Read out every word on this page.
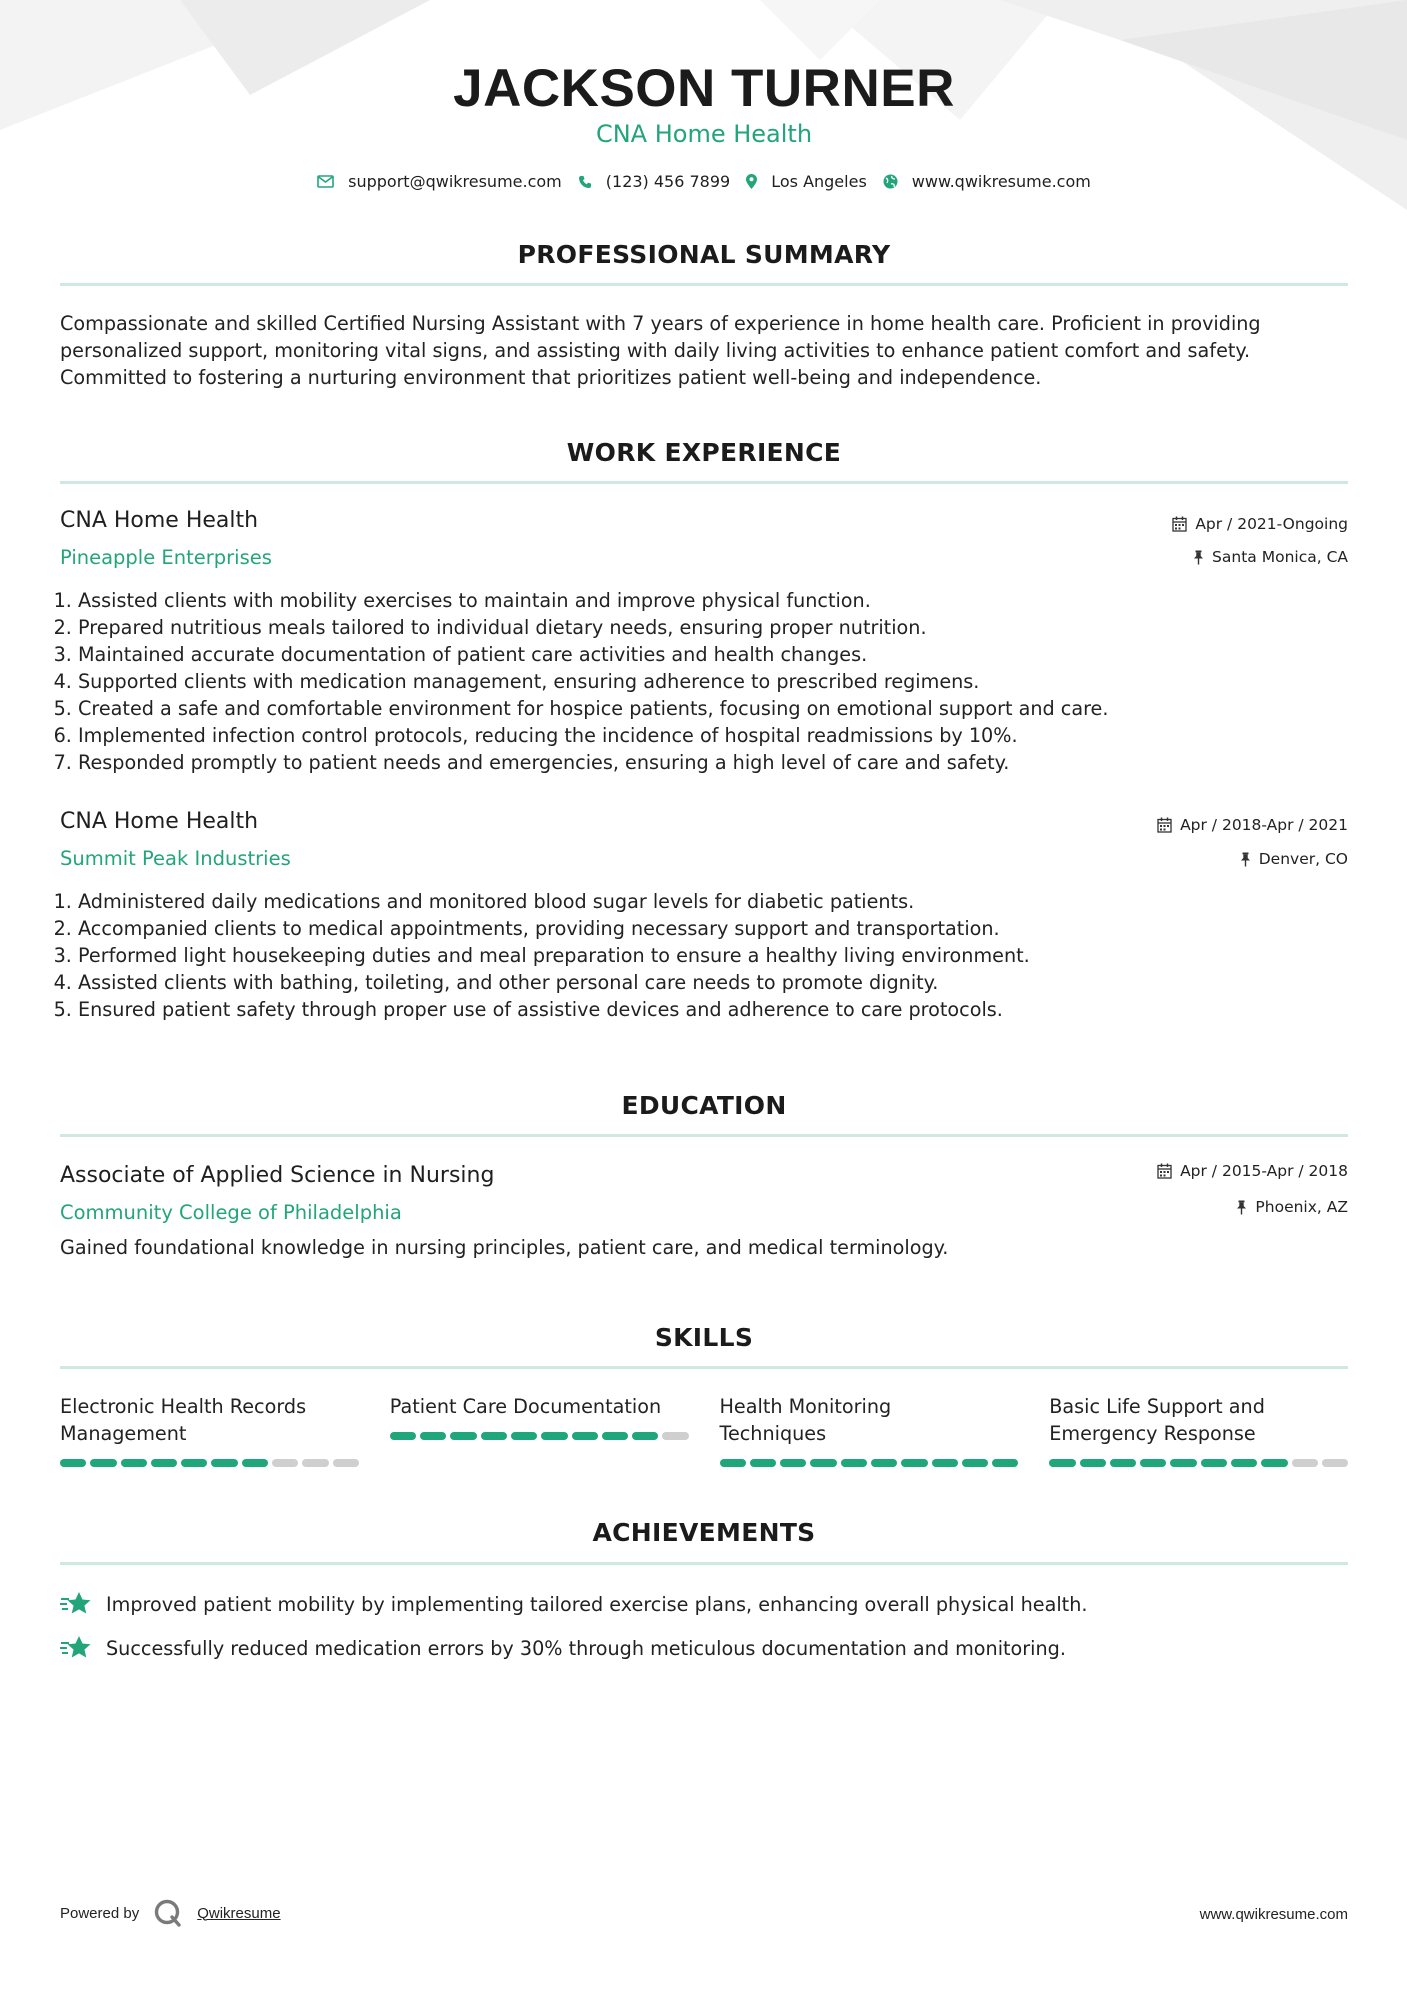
JACKSON TURNER
CNA Home Health
support@qwikresume.com	(123) 456 7899	Los Angeles	www.qwikresume.com
PROFESSIONAL SUMMARY
Compassionate and skilled Certified Nursing Assistant with 7 years of experience in home health care. Proficient in providing
personalized support, monitoring vital signs, and assisting with daily living activities to enhance patient comfort and safety.
Committed to fostering a nurturing environment that prioritizes patient well-being and independence.
WORK EXPERIENCE
CNA Home Health
Pineapple Enterprises
Apr / 2021-Ongoing
Santa Monica, CA
1. Assisted clients with mobility exercises to maintain and improve physical function.
2. Prepared nutritious meals tailored to individual dietary needs, ensuring proper nutrition.
3. Maintained accurate documentation of patient care activities and health changes.
4. Supported clients with medication management, ensuring adherence to prescribed regimens.
5. Created a safe and comfortable environment for hospice patients, focusing on emotional support and care.
6. Implemented infection control protocols, reducing the incidence of hospital readmissions by 10%.
7. Responded promptly to patient needs and emergencies, ensuring a high level of care and safety.
CNA Home Health
Summit Peak Industries
Apr / 2018-Apr / 2021
Denver, CO
1. Administered daily medications and monitored blood sugar levels for diabetic patients.
2. Accompanied clients to medical appointments, providing necessary support and transportation.
3. Performed light housekeeping duties and meal preparation to ensure a healthy living environment.
4. Assisted clients with bathing, toileting, and other personal care needs to promote dignity.
5. Ensured patient safety through proper use of assistive devices and adherence to care protocols.
EDUCATION
Associate of Applied Science in Nursing
Community College of Philadelphia
Apr / 2015-Apr / 2018
Phoenix, AZ
Gained foundational knowledge in nursing principles, patient care, and medical terminology.
SKILLS
Electronic Health Records
Management
Patient Care Documentation	Health Monitoring
Techniques
Basic Life Support and
Emergency Response
ACHIEVEMENTS
Improved patient mobility by implementing tailored exercise plans, enhancing overall physical health.
Successfully reduced medication errors by 30% through meticulous documentation and monitoring.
Powered by	Qwikresume	www.qwikresume.com
